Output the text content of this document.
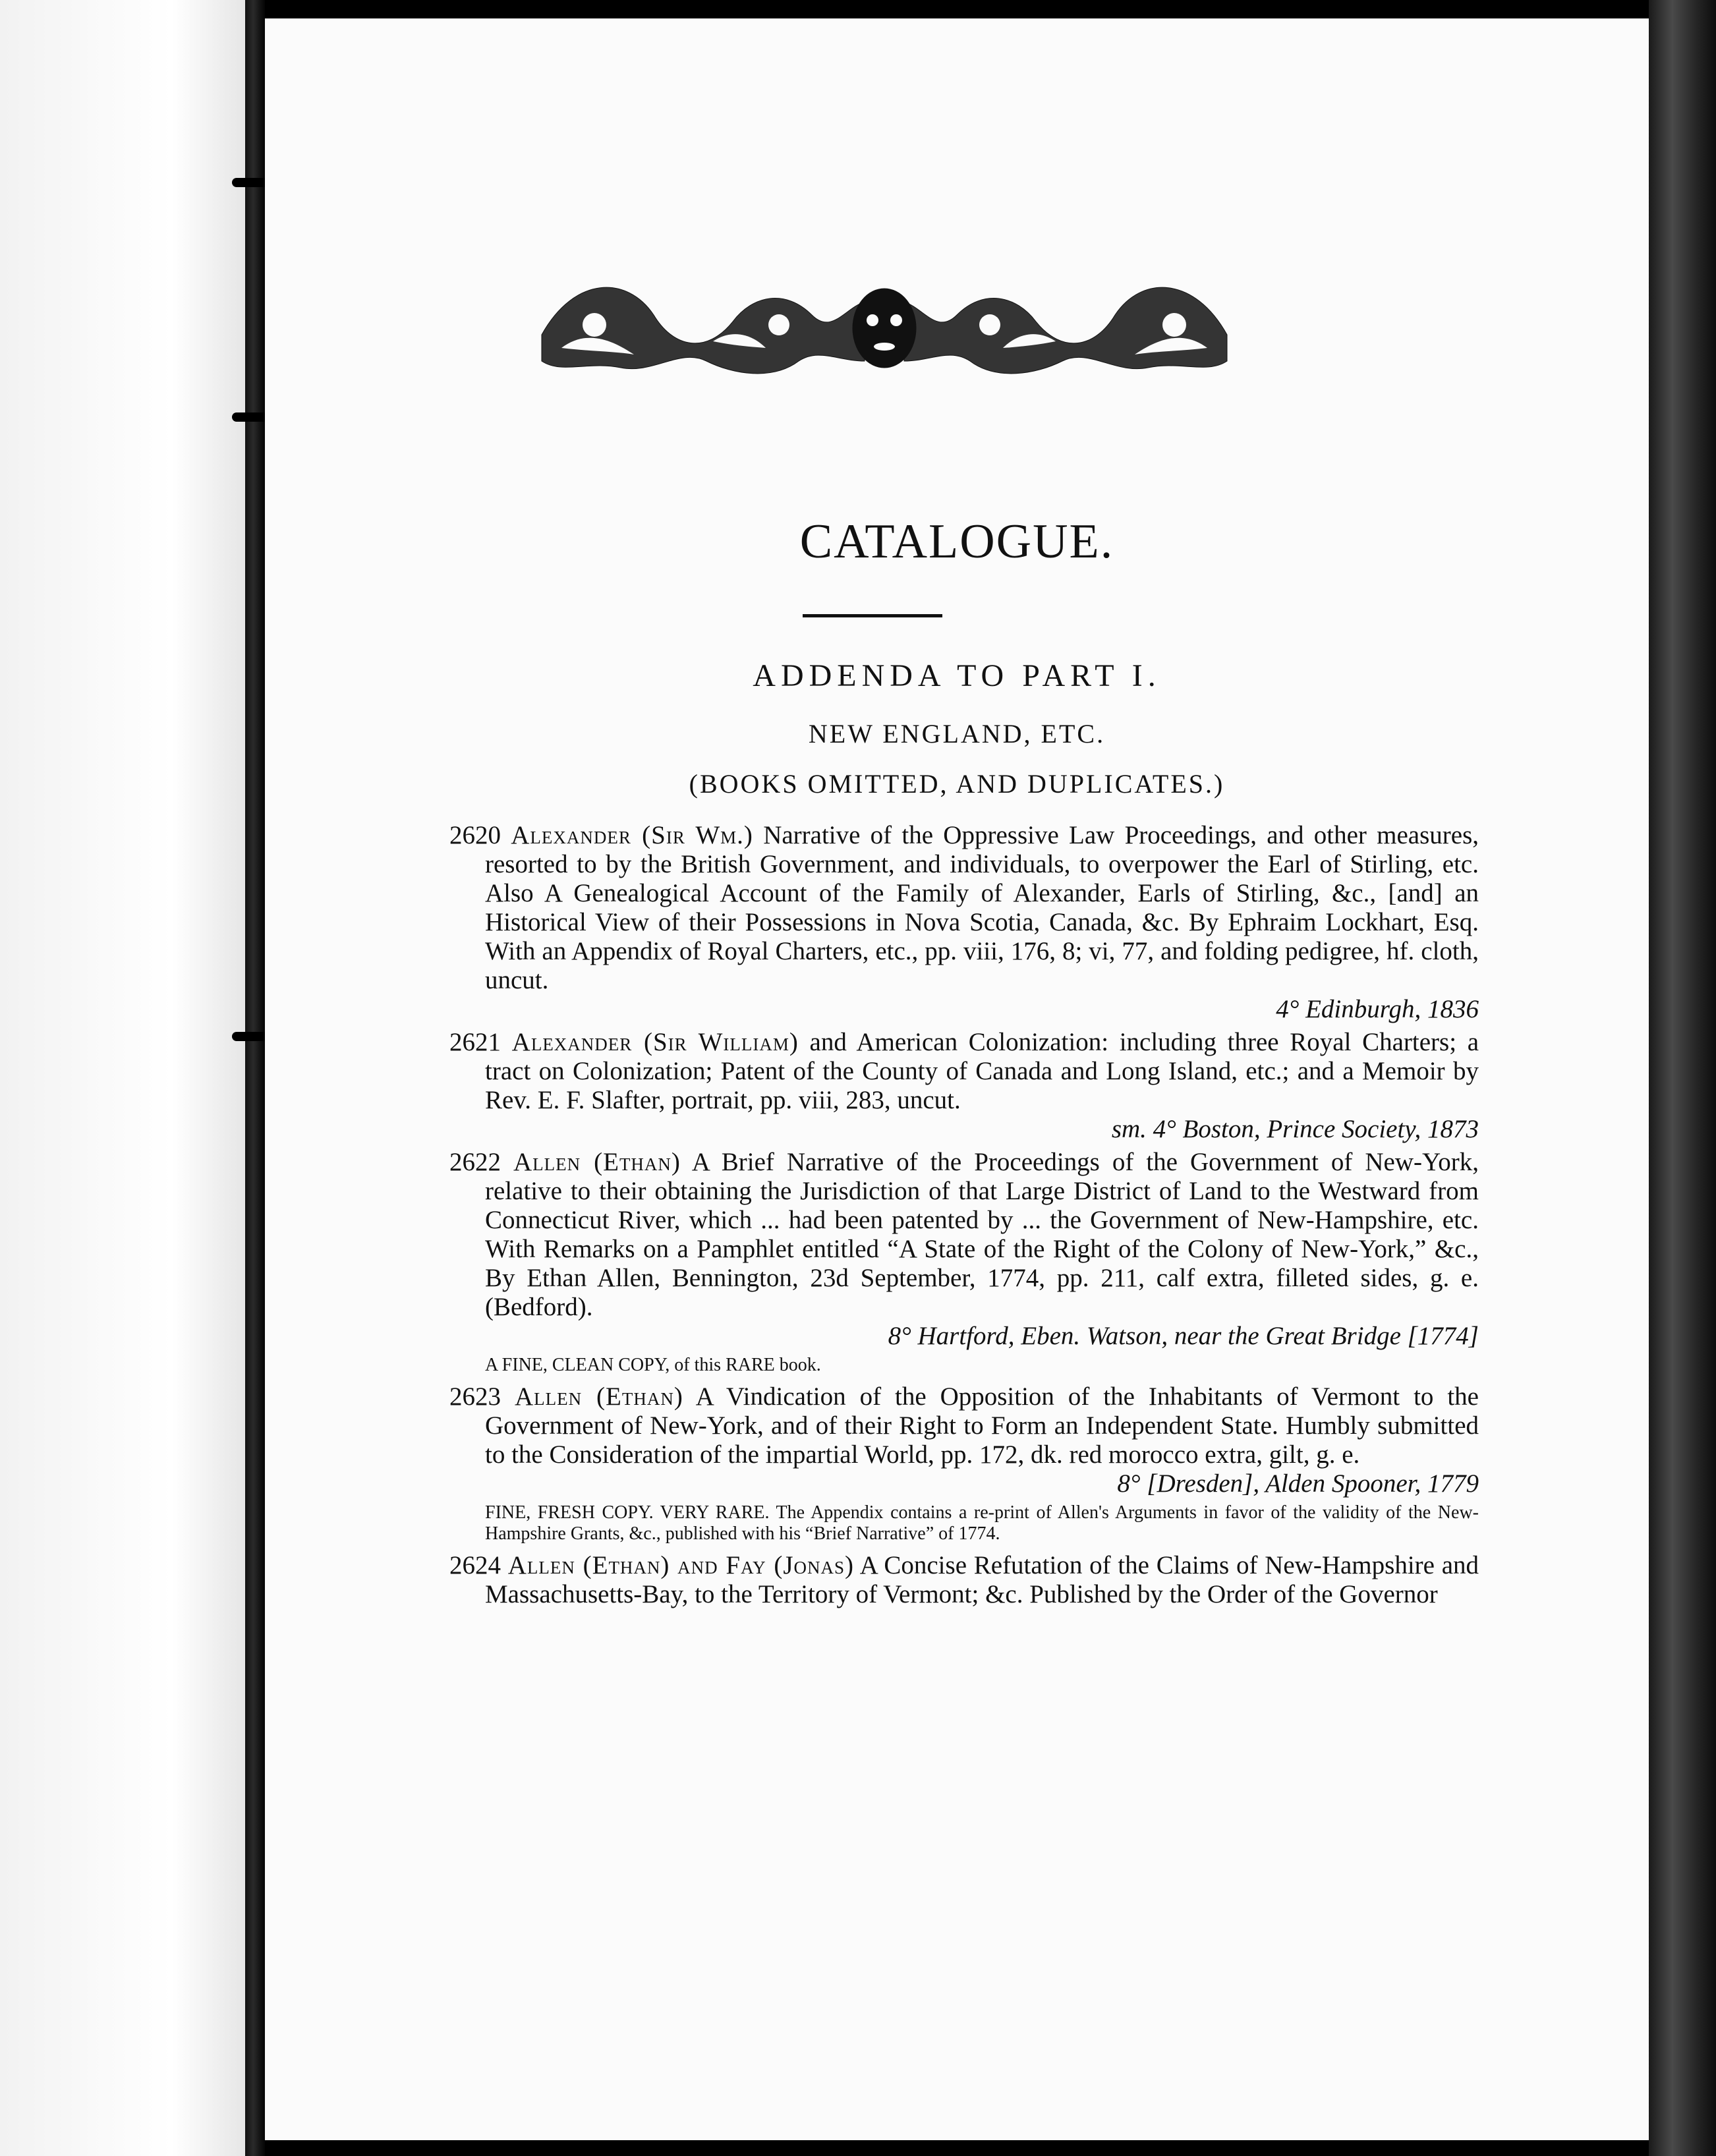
CATALOGUE.
ADDENDA TO PART I.
NEW ENGLAND, ETC.
(BOOKS OMITTED, AND DUPLICATES.)
2620 Alexander (Sir Wm.) Narrative of the Oppressive Law Proceedings, and other measures, resorted to by the British Government, and individuals, to overpower the Earl of Stirling, etc. Also A Genealogical Account of the Family of Alexander, Earls of Stirling, &c., [and] an Historical View of their Possessions in Nova Scotia, Canada, &c. By Ephraim Lockhart, Esq. With an Appendix of Royal Charters, etc., pp. viii, 176, 8; vi, 77, and folding pedigree, hf. cloth, uncut.
4° Edinburgh, 1836
2621 Alexander (Sir William) and American Colonization: including three Royal Charters; a tract on Colonization; Patent of the County of Canada and Long Island, etc.; and a Memoir by Rev. E. F. Slafter, portrait, pp. viii, 283, uncut.
sm. 4° Boston, Prince Society, 1873
2622 Allen (Ethan) A Brief Narrative of the Proceedings of the Government of New-York, relative to their obtaining the Jurisdiction of that Large District of Land to the Westward from Connecticut River, which ... had been patented by ... the Government of New-Hampshire, etc. With Remarks on a Pamphlet entitled “A State of the Right of the Colony of New-York,” &c., By Ethan Allen, Bennington, 23d September, 1774, pp. 211, calf extra, filleted sides, g. e. (Bedford).
8° Hartford, Eben. Watson, near the Great Bridge [1774]
A FINE, CLEAN COPY, of this RARE book.
2623 Allen (Ethan) A Vindication of the Opposition of the Inhabitants of Vermont to the Government of New-York, and of their Right to Form an Independent State. Humbly submitted to the Consideration of the impartial World, pp. 172, dk. red morocco extra, gilt, g. e.
8° [Dresden], Alden Spooner, 1779
FINE, FRESH COPY. VERY RARE. The Appendix contains a re-print of Allen's Arguments in favor of the validity of the New-Hampshire Grants, &c., published with his “Brief Narrative” of 1774.
2624 Allen (Ethan) and Fay (Jonas) A Concise Refutation of the Claims of New-Hampshire and Massachusetts-Bay, to the Territory of Vermont; &c. Published by the Order of the Governor
